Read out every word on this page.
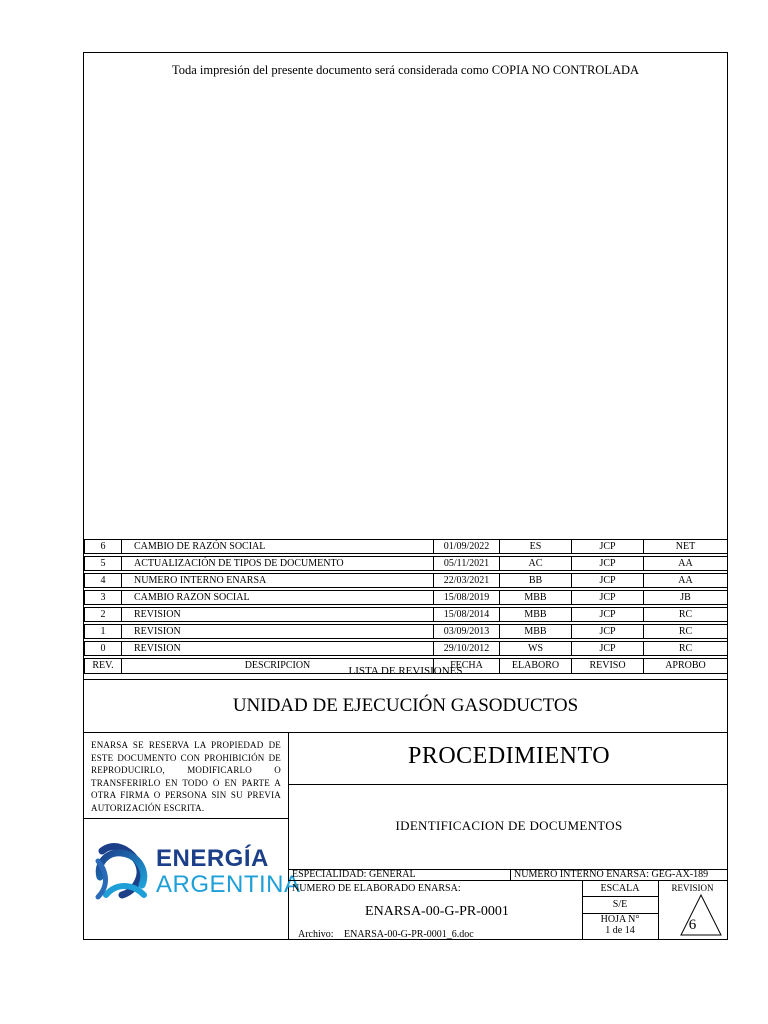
Toda impresión del presente documento será considerada como COPIA NO CONTROLADA
6	CAMBIO DE RAZÓN SOCIAL	01/09/2022	ES	JCP	NET

5	ACTUALIZACIÓN DE TIPOS DE DOCUMENTO	05/11/2021	AC	JCP	AA

4	NUMERO INTERNO ENARSA	22/03/2021	BB	JCP	AA

3	CAMBIO RAZON SOCIAL	15/08/2019	MBB	JCP	JB

2	REVISION	15/08/2014	MBB	JCP	RC

1	REVISION	03/09/2013	MBB	JCP	RC

0	REVISION	29/10/2012	WS	JCP	RC

REV.	DESCRIPCION	FECHA	ELABORO	REVISO	APROBO
LISTA DE REVISIONES
UNIDAD DE EJECUCIÓN GASODUCTOS
ENARSA SE RESERVA LA PROPIEDAD DE ESTE DOCUMENTO CON PROHIBICIÓN DE REPRODUCIRLO, MODIFICARLO O TRANSFERIRLO EN TODO O EN PARTE A OTRA FIRMA O PERSONA SIN SU PREVIA AUTORIZACIÓN ESCRITA.
PROCEDIMIENTO
IDENTIFICACION DE DOCUMENTOS
ENERGÍA
ARGENTINA
ESPECIALIDAD: GENERAL	NUMERO INTERNO ENARSA: GEG-AX-189
NUMERO DE ELABORADO ENARSA:
ENARSA-00-G-PR-0001
Archivo: ENARSA-00-G-PR-0001_6.doc
ESCALA
S/E
HOJA N°
1 de 14
REVISION
6
